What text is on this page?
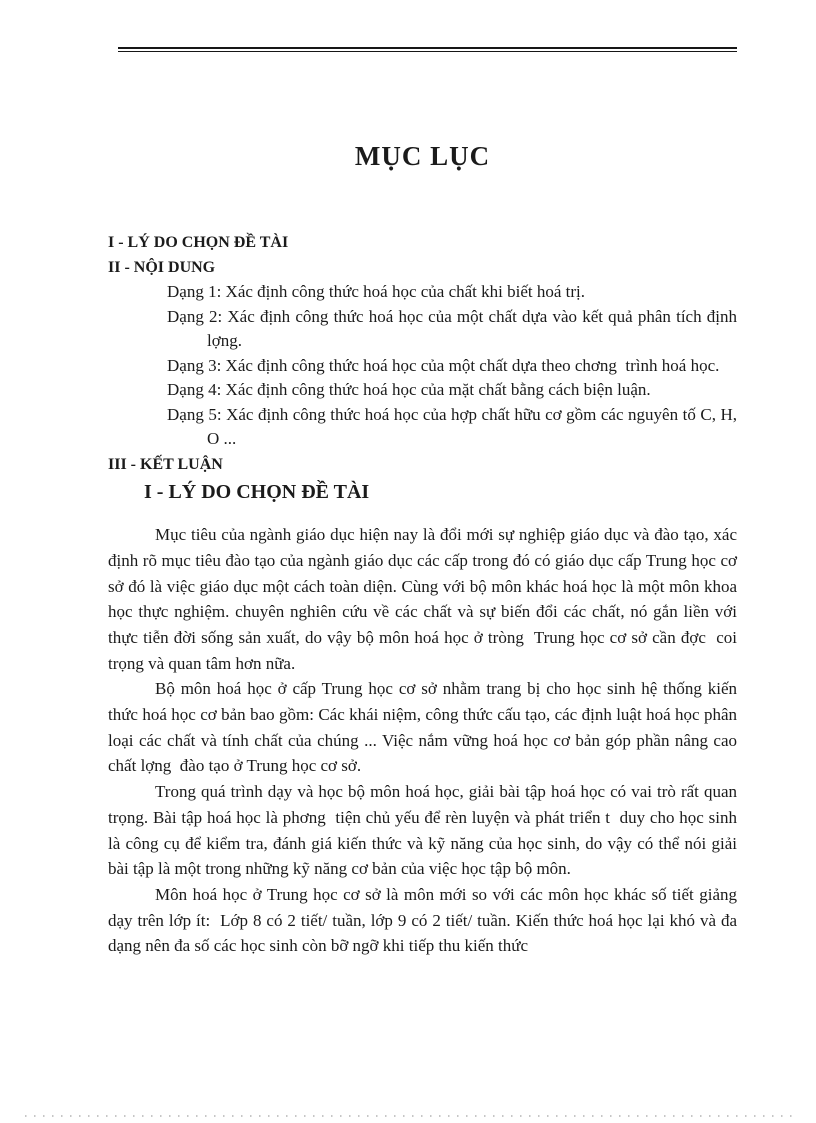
MỤC LỤC
I - LÝ DO CHỌN ĐỀ TÀI
II - NỘI DUNG
Dạng 1: Xác định công thức hoá học của chất khi biết hoá trị.
Dạng 2: Xác định công thức hoá học của một chất dựa vào kết quả phân tích định lợng.
Dạng 3: Xác định công thức hoá học của một chất dựa theo chơng  trình hoá học.
Dạng 4: Xác định công thức hoá học của mặt chất bằng cách biện luận.
Dạng 5: Xác định công thức hoá học của hợp chất hữu cơ gồm các nguyên tố C, H, O ...
III - KẾT LUẬN
I - LÝ DO CHỌN ĐỀ TÀI

Mục tiêu của ngành giáo dục hiện nay là đổi mới sự nghiệp giáo dục và đào tạo, xác định rõ mục tiêu đào tạo của ngành giáo dục các cấp trong đó có giáo dục cấp Trung học cơ sở đó là việc giáo dục một cách toàn diện. Cùng với bộ môn khác hoá học là một môn khoa học thực nghiệm. chuyên nghiên cứu về các chất và sự biến đổi các chất, nó gắn liền với thực tiễn đời sống sản xuất, do vậy bộ môn hoá học ở tròng  Trung học cơ sở cần đợc  coi trọng và quan tâm hơn nữa.

Bộ môn hoá học ở cấp Trung học cơ sở nhằm trang bị cho học sinh hệ thống kiến thức hoá học cơ bản bao gồm: Các khái niệm, công thức cấu tạo, các định luật hoá học phân loại các chất và tính chất của chúng ... Việc nắm vững hoá học cơ bản góp phần nâng cao chất lợng  đào tạo ở Trung học cơ sở.

Trong quá trình dạy và học bộ môn hoá học, giải bài tập hoá học có vai trò rất quan trọng. Bài tập hoá học là phơng  tiện chủ yếu để rèn luyện và phát triển t  duy cho học sinh là công cụ để kiểm tra, đánh giá kiến thức và kỹ năng của học sinh, do vậy có thể nói giải bài tập là một trong những kỹ năng cơ bản của việc học tập bộ môn.

Môn hoá học ở Trung học cơ sở là môn mới so với các môn học khác số tiết giảng dạy trên lớp ít:  Lớp 8 có 2 tiết/ tuần, lớp 9 có 2 tiết/ tuần. Kiến thức hoá học lại khó và đa dạng nên đa số các học sinh còn bỡ ngỡ khi tiếp thu kiến thức
